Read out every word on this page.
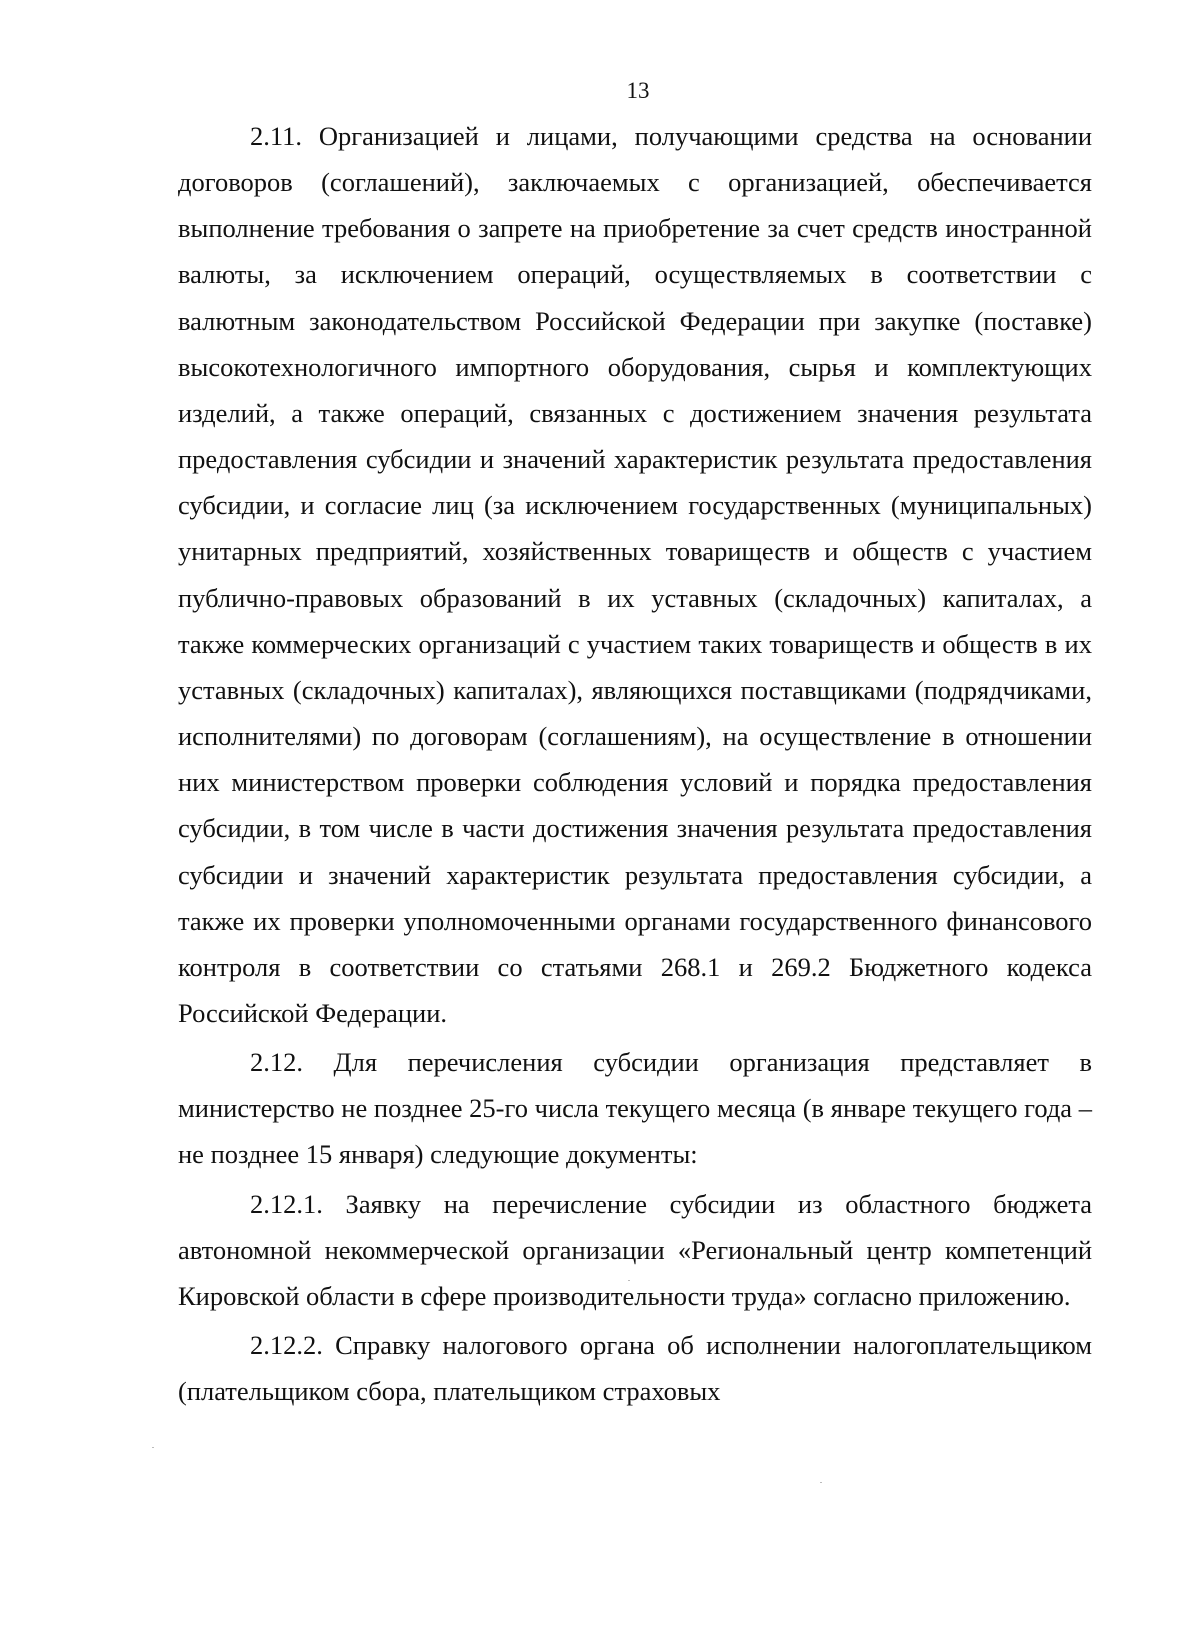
13

2.11. Организацией и лицами, получающими средства на основании договоров (соглашений), заключаемых с организацией, обеспечивается выполнение требования о запрете на приобретение за счет средств иностранной валюты, за исключением операций, осуществляемых в соответствии с валютным законодательством Российской Федерации при закупке (поставке) высокотехнологичного импортного оборудования, сырья и комплектующих изделий, а также операций, связанных с достижением значения результата предоставления субсидии и значений характеристик результата предоставления субсидии, и согласие лиц (за исключением государственных (муниципальных) унитарных предприятий, хозяйственных товариществ и обществ с участием публично-правовых образований в их уставных (складочных) капиталах, а также коммерческих организаций с участием таких товариществ и обществ в их уставных (складочных) капиталах), являющихся поставщиками (подрядчиками, исполнителями) по договорам (соглашениям), на осуществление в отношении них министерством проверки соблюдения условий и порядка предоставления субсидии, в том числе в части достижения значения результата предоставления субсидии и значений характеристик результата предоставления субсидии, а также их проверки уполномоченными органами государственного финансового контроля в соответствии со статьями 268.1 и 269.2 Бюджетного кодекса Российской Федерации.

2.12. Для перечисления субсидии организация представляет в министерство не позднее 25-го числа текущего месяца (в январе текущего года – не позднее 15 января) следующие документы:

2.12.1. Заявку на перечисление субсидии из областного бюджета автономной некоммерческой организации «Региональный центр компетенций Кировской области в сфере производительности труда» согласно приложению.

2.12.2. Справку налогового органа об исполнении налогоплательщиком (плательщиком сбора, плательщиком страховых
